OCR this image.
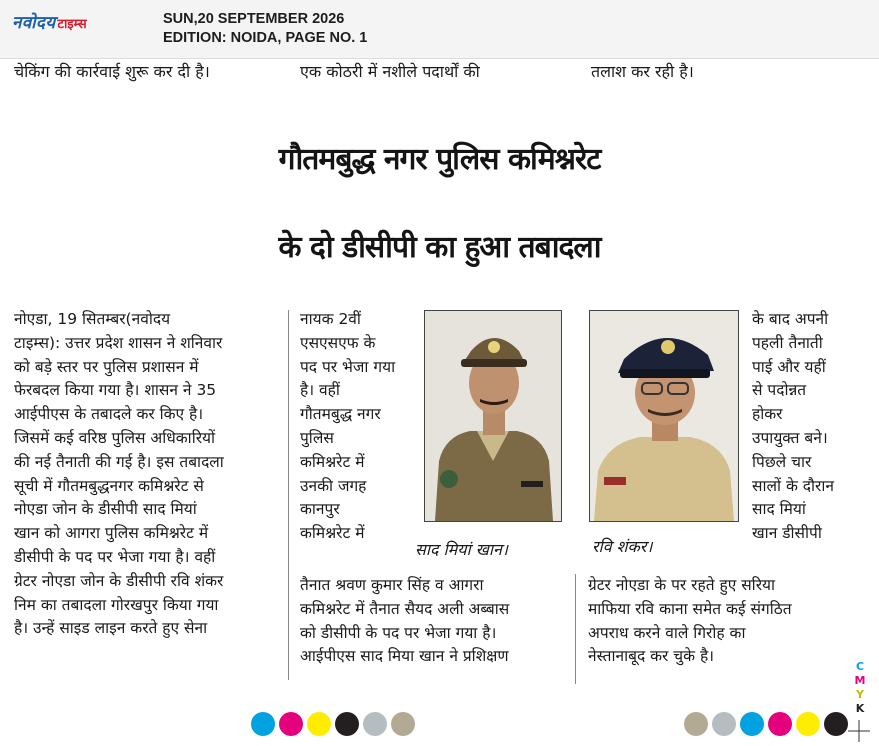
नवोदय टाइम्स	SUN,20 SEPTEMBER 2026
EDITION: NOIDA, PAGE NO. 1
चेकिंग की कार्रवाई शुरू कर दी है।	एक कोठरी में नशीले पदार्थों की	तलाश कर रही है।
गौतमबुद्ध नगर पुलिस कमिश्नरेट
के दो डीसीपी का हुआ तबादला
नोएडा, 19 सितम्बर(नवोदय
टाइम्स): उत्तर प्रदेश शासन ने शनिवार
को बड़े स्तर पर पुलिस प्रशासन में
फेरबदल किया गया है। शासन ने 35
आईपीएस के तबादले कर किए है।
जिसमें कई वरिष्ठ पुलिस अधिकारियों
की नई तैनाती की गई है। इस तबादला
सूची में गौतमबुद्धनगर कमिश्नरेट से
नोएडा जोन के डीसीपी साद मियां
खान को आगरा पुलिस कमिश्नरेट में
डीसीपी के पद पर भेजा गया है। वहीं
ग्रेटर नोएडा जोन के डीसीपी रवि शंकर
निम का तबादला गोरखपुर किया गया
है। उन्हें साइड लाइन करते हुए सेना
नायक 2वीं
एसएसएफ के
पद पर भेजा गया
है। वहीं
गौतमबुद्ध नगर
पुलिस
कमिश्नरेट में
उनकी जगह
कानपुर
कमिश्नरेट में
साद मियां खान।	रवि शंकर।
के बाद अपनी
पहली तैनाती
पाई और यहीं
से पदोन्नत
होकर
उपायुक्त बने।
पिछले चार
सालों के दौरान
साद मियां
खान डीसीपी
तैनात श्रवण कुमार सिंह व आगरा
कमिश्नरेट में तैनात सैयद अली अब्बास
को डीसीपी के पद पर भेजा गया है।
आईपीएस साद मिया खान ने प्रशिक्षण
ग्रेटर नोएडा के पर रहते हुए सरिया
माफिया रवि काना समेत कई संगठित
अपराध करने वाले गिरोह का
नेस्तानाबूद कर चुके है।
C
M
Y
K
